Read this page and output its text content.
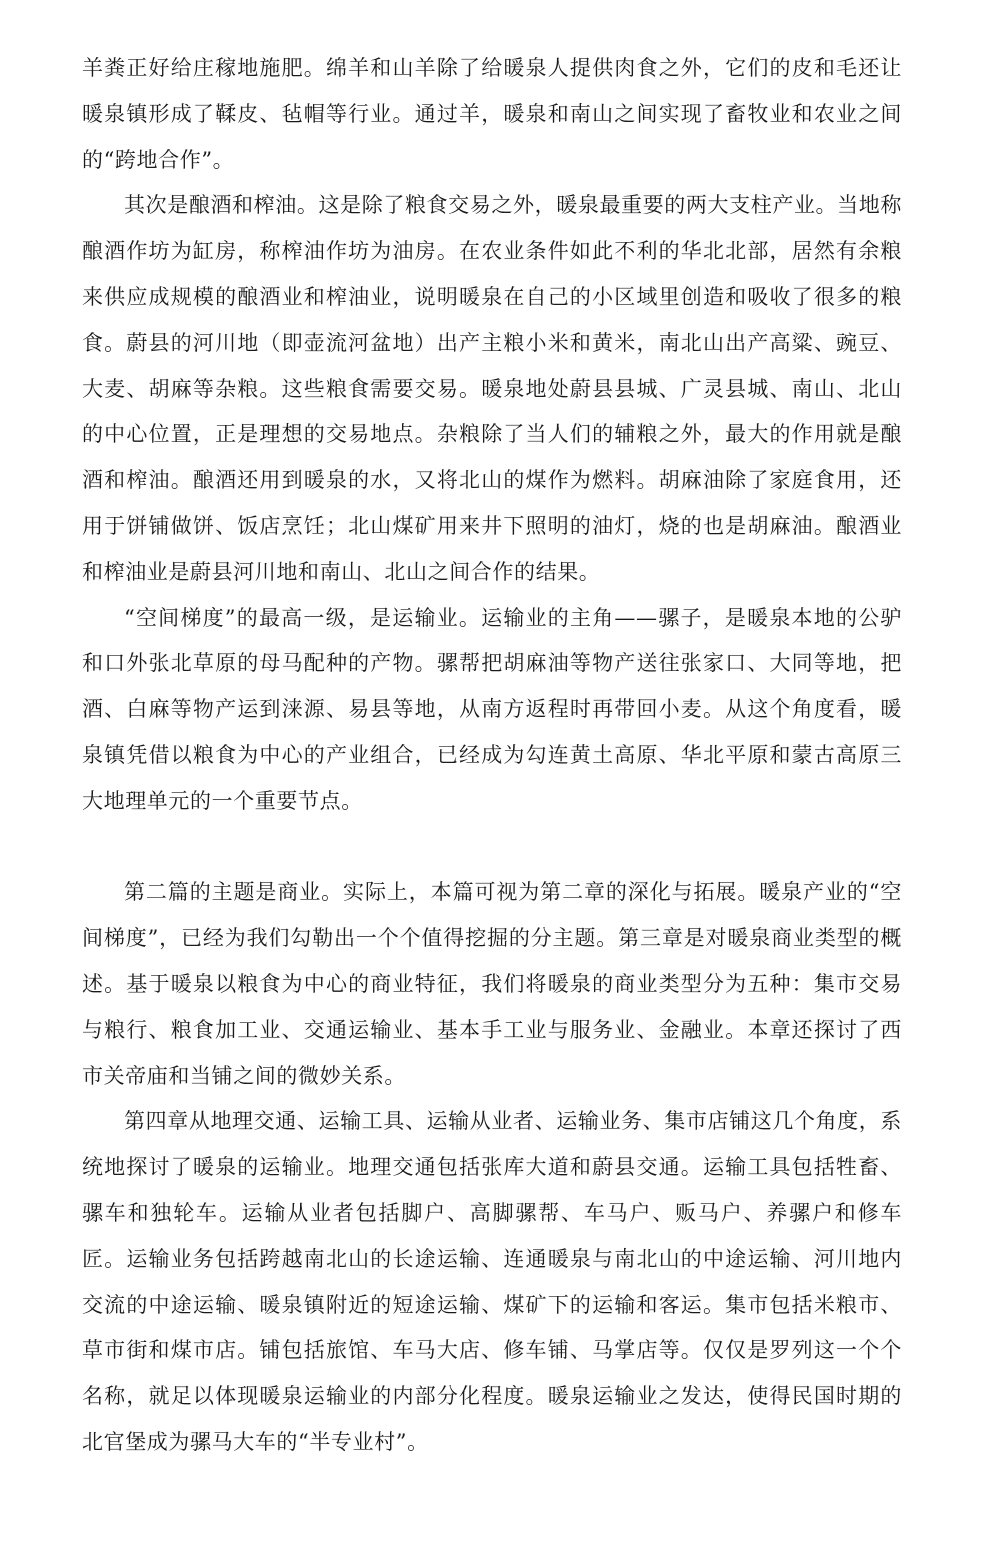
羊粪正好给庄稼地施肥。绵羊和山羊除了给暖泉人提供肉食之外，它们的皮和毛还让暖泉镇形成了鞣皮、毡帽等行业。通过羊，暖泉和南山之间实现了畜牧业和农业之间的“跨地合作”。

其次是酿酒和榨油。这是除了粮食交易之外，暖泉最重要的两大支柱产业。当地称酿酒作坊为缸房，称榨油作坊为油房。在农业条件如此不利的华北北部，居然有余粮来供应成规模的酿酒业和榨油业，说明暖泉在自己的小区域里创造和吸收了很多的粮食。蔚县的河川地（即壶流河盆地）出产主粮小米和黄米，南北山出产高粱、豌豆、大麦、胡麻等杂粮。这些粮食需要交易。暖泉地处蔚县县城、广灵县城、南山、北山的中心位置，正是理想的交易地点。杂粮除了当人们的辅粮之外，最大的作用就是酿酒和榨油。酿酒还用到暖泉的水，又将北山的煤作为燃料。胡麻油除了家庭食用，还用于饼铺做饼、饭店烹饪；北山煤矿用来井下照明的油灯，烧的也是胡麻油。酿酒业和榨油业是蔚县河川地和南山、北山之间合作的结果。

“空间梯度”的最高一级，是运输业。运输业的主角——骡子，是暖泉本地的公驴和口外张北草原的母马配种的产物。骡帮把胡麻油等物产送往张家口、大同等地，把酒、白麻等物产运到涞源、易县等地，从南方返程时再带回小麦。从这个角度看，暖泉镇凭借以粮食为中心的产业组合，已经成为勾连黄土高原、华北平原和蒙古高原三大地理单元的一个重要节点。

第二篇的主题是商业。实际上，本篇可视为第二章的深化与拓展。暖泉产业的“空间梯度”，已经为我们勾勒出一个个值得挖掘的分主题。第三章是对暖泉商业类型的概述。基于暖泉以粮食为中心的商业特征，我们将暖泉的商业类型分为五种：集市交易与粮行、粮食加工业、交通运输业、基本手工业与服务业、金融业。本章还探讨了西市关帝庙和当铺之间的微妙关系。

第四章从地理交通、运输工具、运输从业者、运输业务、集市店铺这几个角度，系统地探讨了暖泉的运输业。地理交通包括张库大道和蔚县交通。运输工具包括牲畜、骡车和独轮车。运输从业者包括脚户、高脚骡帮、车马户、贩马户、养骡户和修车匠。运输业务包括跨越南北山的长途运输、连通暖泉与南北山的中途运输、河川地内交流的中途运输、暖泉镇附近的短途运输、煤矿下的运输和客运。集市包括米粮市、草市街和煤市店。铺包括旅馆、车马大店、修车铺、马掌店等。仅仅是罗列这一个个名称，就足以体现暖泉运输业的内部分化程度。暖泉运输业之发达，使得民国时期的北官堡成为骡马大车的“半专业村”。
